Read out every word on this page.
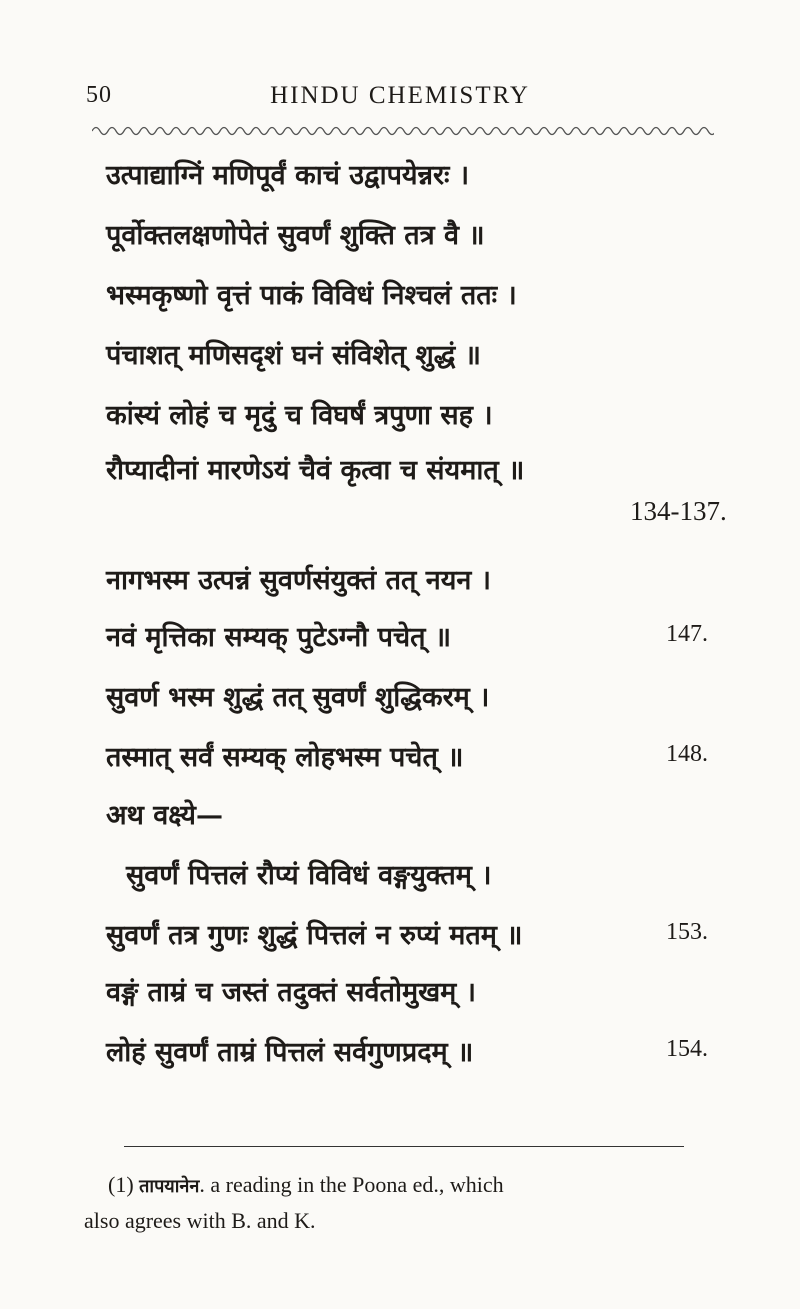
50	HINDU CHEMISTRY
उत्पाद्याग्निं मणिपूर्वं काचं उद्वापयेन्नरः ।
पूर्वोक्तलक्षणोपेतं सुवर्णं शुक्ति तत्र वै ॥
भस्मकृष्णो वृत्तं पाकं विविधं निश्चलं ततः ।
पंचाशत् मणिसदृशं घनं संविशेत् शुद्धं ॥
कांस्यं लोहं च मृदुं च विघर्षं त्रपुणा सह ।
रौप्यादीनां मारणेऽयं चैवं कृत्वा च संयमात् ॥
134-137.
नागभस्म उत्पन्नं सुवर्णसंयुक्तं तत् नयन ।
नवं मृत्तिका सम्यक् पुटेऽग्नौ पचेत् ॥	147.
सुवर्ण भस्म शुद्धं तत् सुवर्णं शुद्धिकरम् ।
तस्मात् सर्वं सम्यक् लोहभस्म पचेत् ॥	148.
अथ वक्ष्ये—
सुवर्णं पित्तलं रौप्यं विविधं वङ्गयुक्तम् ।
सुवर्णं तत्र गुणः शुद्धं पित्तलं न रुप्यं मतम् ॥	153.
वङ्गं ताम्रं च जस्तं तदुक्तं सर्वतोमुखम् ।
लोहं सुवर्णं ताम्रं पित्तलं सर्वगुणप्रदम् ॥	154.
(1) तापयानेन. a reading in the Poona ed., which
also agrees with B. and K.
